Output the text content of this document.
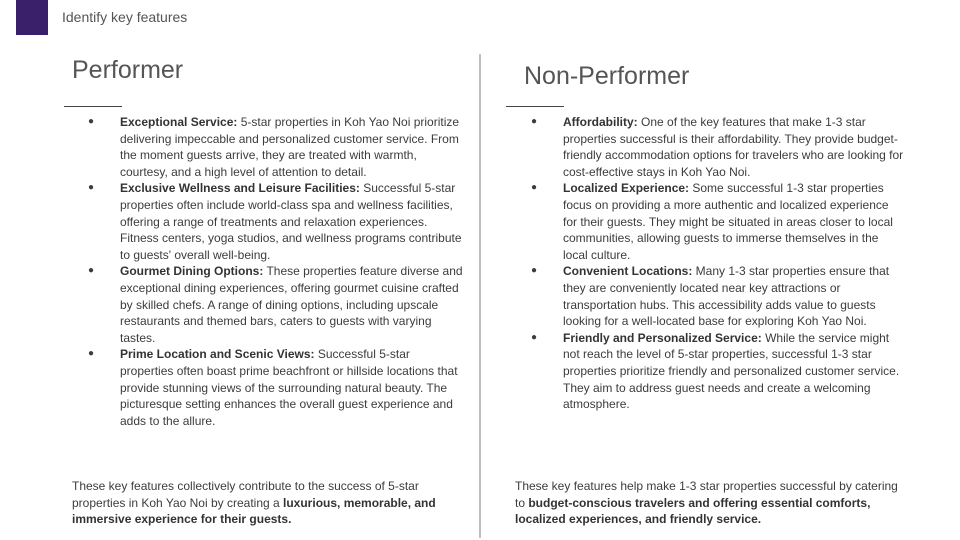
Identify key features
Performer
● Exceptional Service: 5-star properties in Koh Yao Noi prioritize delivering impeccable and personalized customer service. From the moment guests arrive, they are treated with warmth, courtesy, and a high level of attention to detail.
● Exclusive Wellness and Leisure Facilities: Successful 5-star properties often include world-class spa and wellness facilities, offering a range of treatments and relaxation experiences. Fitness centers, yoga studios, and wellness programs contribute to guests' overall well-being.
● Gourmet Dining Options: These properties feature diverse and exceptional dining experiences, offering gourmet cuisine crafted by skilled chefs. A range of dining options, including upscale restaurants and themed bars, caters to guests with varying tastes.
● Prime Location and Scenic Views: Successful 5-star properties often boast prime beachfront or hillside locations that provide stunning views of the surrounding natural beauty. The picturesque setting enhances the overall guest experience and adds to the allure.

These key features collectively contribute to the success of 5-star properties in Koh Yao Noi by creating a luxurious, memorable, and immersive experience for their guests.

Non-Performer
● Affordability: One of the key features that make 1-3 star properties successful is their affordability. They provide budget-friendly accommodation options for travelers who are looking for cost-effective stays in Koh Yao Noi.
● Localized Experience: Some successful 1-3 star properties focus on providing a more authentic and localized experience for their guests. They might be situated in areas closer to local communities, allowing guests to immerse themselves in the local culture.
● Convenient Locations: Many 1-3 star properties ensure that they are conveniently located near key attractions or transportation hubs. This accessibility adds value to guests looking for a well-located base for exploring Koh Yao Noi.
● Friendly and Personalized Service: While the service might not reach the level of 5-star properties, successful 1-3 star properties prioritize friendly and personalized customer service. They aim to address guest needs and create a welcoming atmosphere.

These key features help make 1-3 star properties successful by catering to budget-conscious travelers and offering essential comforts, localized experiences, and friendly service.
